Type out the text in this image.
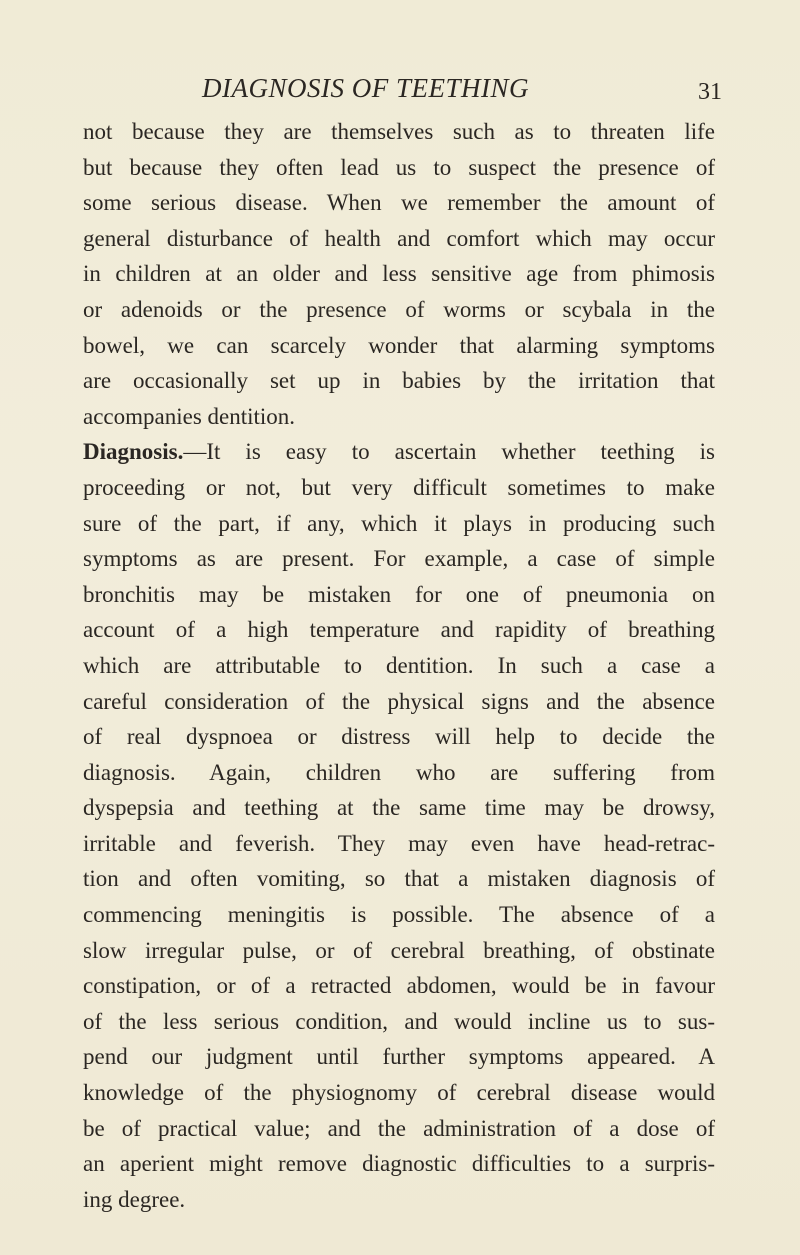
DIAGNOSIS OF TEETHING	31
not because they are themselves such as to threaten life
but because they often lead us to suspect the presence of
some serious disease. When we remember the amount of
general disturbance of health and comfort which may occur
in children at an older and less sensitive age from phimosis
or adenoids or the presence of worms or scybala in the
bowel, we can scarcely wonder that alarming symptoms
are occasionally set up in babies by the irritation that
accompanies dentition.
Diagnosis.—It is easy to ascertain whether teething is
proceeding or not, but very difficult sometimes to make
sure of the part, if any, which it plays in producing such
symptoms as are present. For example, a case of simple
bronchitis may be mistaken for one of pneumonia on
account of a high temperature and rapidity of breathing
which are attributable to dentition. In such a case a
careful consideration of the physical signs and the absence
of real dyspnoea or distress will help to decide the
diagnosis. Again, children who are suffering from
dyspepsia and teething at the same time may be drowsy,
irritable and feverish. They may even have head-retrac-
tion and often vomiting, so that a mistaken diagnosis of
commencing meningitis is possible. The absence of a
slow irregular pulse, or of cerebral breathing, of obstinate
constipation, or of a retracted abdomen, would be in favour
of the less serious condition, and would incline us to sus-
pend our judgment until further symptoms appeared. A
knowledge of the physiognomy of cerebral disease would
be of practical value; and the administration of a dose of
an aperient might remove diagnostic difficulties to a surpris-
ing degree.
